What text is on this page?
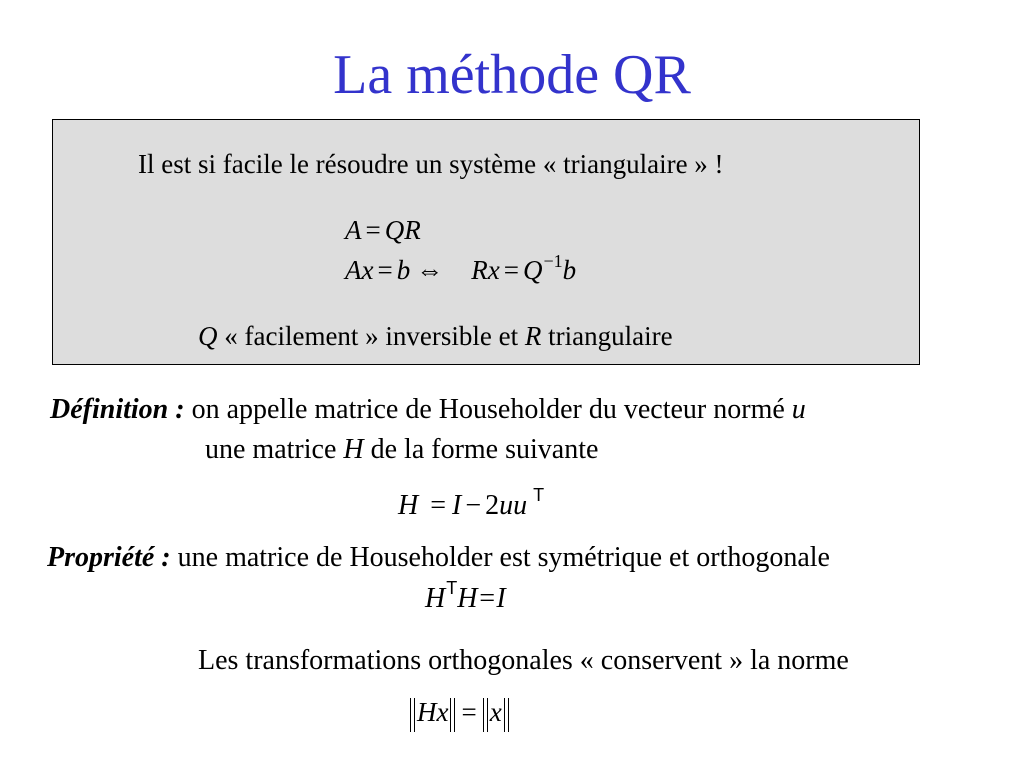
La méthode QR
Il est si facile le résoudre un système « triangulaire » !
A = QR
Ax = b ⇔ $Rx = Q^{-1}b$
Q « facilement » inversible et R triangulaire
Définition : on appelle matrice de Householder du vecteur normé u
une matrice H de la forme suivante
H = I − 2uu $^T$
Propriété : une matrice de Householder est symétrique et orthogonale
$H^TH=I$
Les transformations orthogonales « conservent » la norme
Hx = x
